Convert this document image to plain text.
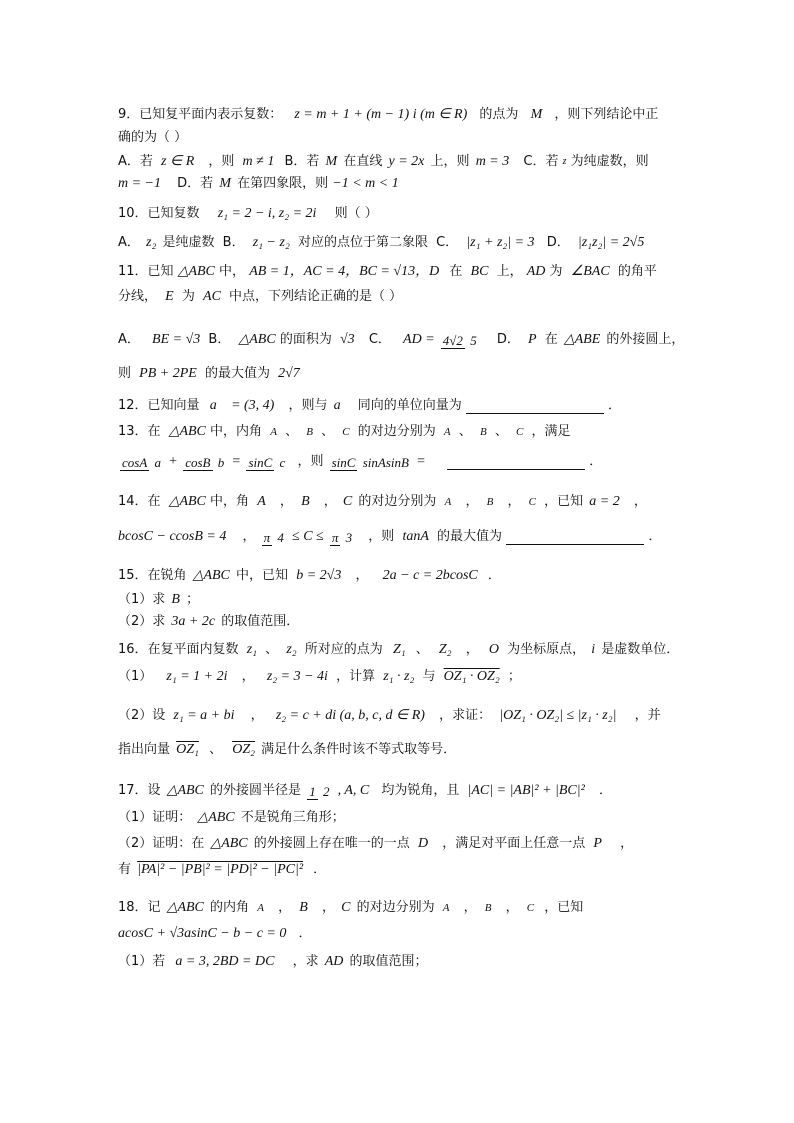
9．已知复平面内表示复数： z = m + 1 + (m − 1) i (m ∈ R) 的点为 M ，则下列结论中正
确的为（ ）
A．若 z ∈ R ，则 m ≠ 1 B．若 M 在直线 y = 2x 上，则 m = 3 C．若 z 为纯虚数，则
m = −1 D．若 M 在第四象限，则 −1 < m < 1
10．已知复数 z₁ = 2 − i, z₂ = 2i 则（ ）
A． z₂ 是纯虚数 B． z₁ − z₂ 对应的点位于第二象限 C． |z₁ + z₂| = 3 D． |z₁z₂| = 2√5
11．已知 △ABC 中， AB = 1，AC = 4，BC = √13，D 在 BC 上， AD 为 ∠BAC 的角平
分线， E 为 AC 中点，下列结论正确的是（ ）
A． BE = √3 B． △ABC 的面积为 √3 C． AD = 4√2 5 D． P 在 △ABE 的外接圆上，
则 PB + 2PE 的最大值为 2√7
12．已知向量 a⃗ = (3, 4) ，则与 a⃗ 同向的单位向量为	．
13．在 △ABC 中，内角 A 、 B 、 C 的对边分别为 A 、 B 、 C ，满足
cosA a + cosB b = sinC c ，则 sinC sinAsinB =	．
14．在 △ABC 中，角 A ， B ， C 的对边分别为 A ， B ， C ，已知 a = 2 ，
bcosC − ccosB = 4 ， π 4 ≤ C ≤ π 3 ，则 tanA 的最大值为	．
15．在锐角 △ABC 中，已知 b = 2√3 ， 2a − c = 2bcosC ．
（1）求 B ；
（2）求 3a + 2c 的取值范围．
16．在复平面内复数 z₁ 、 z₂ 所对应的点为 Z₁ 、 Z₂ ， O 为坐标原点， i 是虚数单位．
（1） z₁ = 1 + 2i ， z₂ = 3 − 4i ，计算 z₁ · z₂ 与 OZ₁ · OZ₂ ；
（2）设 z₁ = a + bi ， z₂ = c + di (a, b, c, d ∈ R) ，求证： |OZ₁ · OZ₂| ≤ |z₁ · z₂| ，并
指出向量 OZ₁ 、 OZ₂ 满足什么条件时该不等式取等号．
17．设 △ABC 的外接圆半径是 1 2 , A, C 均为锐角，且 |AC| = |AB|² + |BC|² ．
（1）证明： △ABC 不是锐角三角形；
（2）证明：在 △ABC 的外接圆上存在唯一的一点 D ，满足对平面上任意一点 P ，
有 |PA|² − |PB|² = |PD|² − |PC|² ．
18．记 △ABC 的内角 A ， B ， C 的对边分别为 A ， B ， C ，已知
acosC + √3asinC − b − c = 0 ．
（1）若 a = 3, 2BD = DC ，求 AD 的取值范围；
